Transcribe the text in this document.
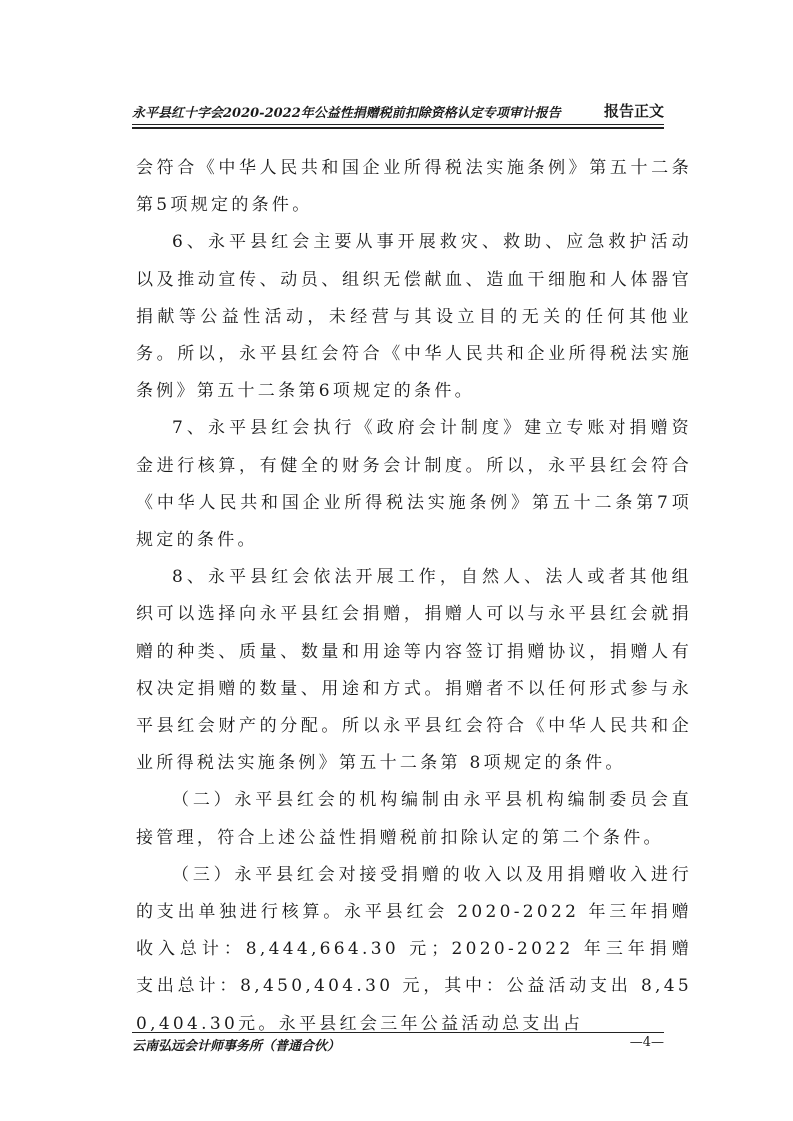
永平县红十字会2020-2022年公益性捐赠税前扣除资格认定专项审计报告	报告正文

会符合《中华人民共和国企业所得税法实施条例》第五十二条第5项规定的条件。

6、永平县红会主要从事开展救灾、救助、应急救护活动以及推动宣传、动员、组织无偿献血、造血干细胞和人体器官捐献等公益性活动，未经营与其设立目的无关的任何其他业务。所以，永平县红会符合《中华人民共和企业所得税法实施条例》第五十二条第6项规定的条件。

7、永平县红会执行《政府会计制度》建立专账对捐赠资金进行核算，有健全的财务会计制度。所以，永平县红会符合《中华人民共和国企业所得税法实施条例》第五十二条第7项规定的条件。

8、永平县红会依法开展工作，自然人、法人或者其他组织可以选择向永平县红会捐赠，捐赠人可以与永平县红会就捐赠的种类、质量、数量和用途等内容签订捐赠协议，捐赠人有权决定捐赠的数量、用途和方式。捐赠者不以任何形式参与永平县红会财产的分配。所以永平县红会符合《中华人民共和企业所得税法实施条例》第五十二条第 8项规定的条件。

（二）永平县红会的机构编制由永平县机构编制委员会直接管理，符合上述公益性捐赠税前扣除认定的第二个条件。

（三）永平县红会对接受捐赠的收入以及用捐赠收入进行的支出单独进行核算。永平县红会 2020-2022 年三年捐赠收入总计：8,444,664.30 元；2020-2022 年三年捐赠支出总计：8,450,404.30 元，其中：公益活动支出 8,450,404.30元。永平县红会三年公益活动总支出占

云南弘远会计师事务所（普通合伙）	—4—
